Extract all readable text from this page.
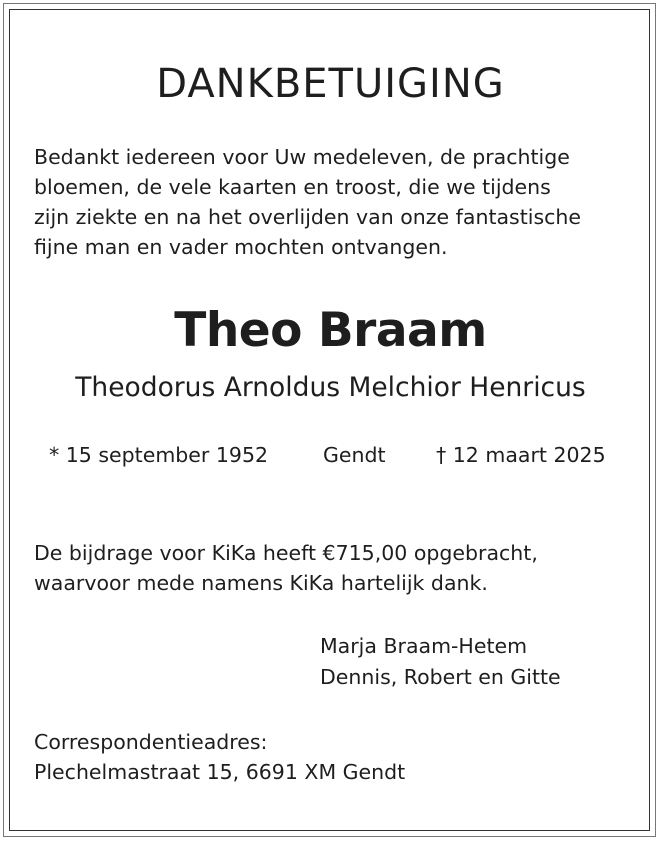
DANKBETUIGING
Bedankt iedereen voor Uw medeleven, de prachtige
bloemen, de vele kaarten en troost, die we tijdens
zijn ziekte en na het overlijden van onze fantastische
fijne man en vader mochten ontvangen.
Theo Braam
Theodorus Arnoldus Melchior Henricus
* 15 september 1952	Gendt † 12 maart 2025
De bijdrage voor KiKa heeft €715,00 opgebracht,
waarvoor mede namens KiKa hartelijk dank.
Marja Braam-Hetem
Dennis, Robert en Gitte
Correspondentieadres:
Plechelmastraat 15, 6691 XM Gendt
